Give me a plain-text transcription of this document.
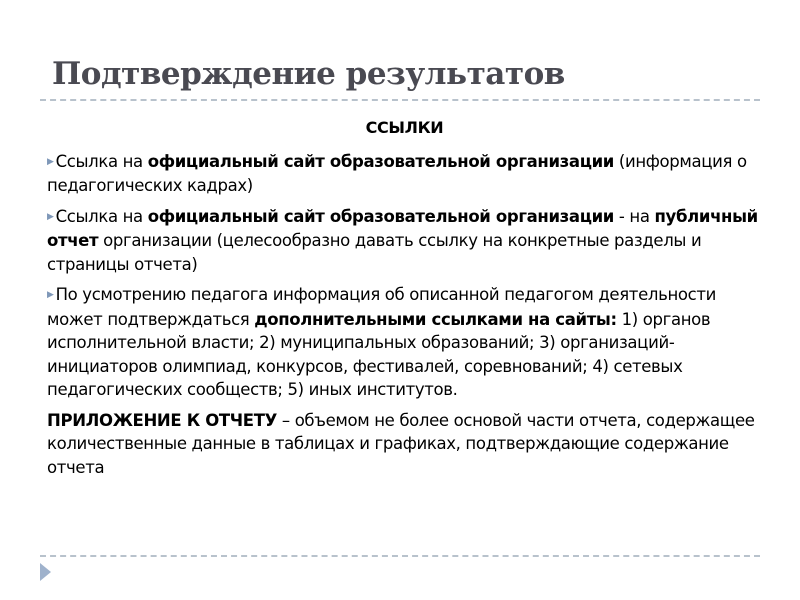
Подтверждение результатов
ССЫЛКИ
▶ Ссылка на официальный сайт образовательной организации (информация о педагогических кадрах)
▶ Ссылка на официальный сайт образовательной организации - на публичный отчет организации (целесообразно давать ссылку на конкретные разделы и страницы отчета)
▶ По усмотрению педагога информация об описанной педагогом деятельности может подтверждаться дополнительными ссылками на сайты: 1) органов исполнительной власти; 2) муниципальных образований; 3) организаций-инициаторов олимпиад, конкурсов, фестивалей, соревнований; 4) сетевых педагогических сообществ; 5) иных институтов.
ПРИЛОЖЕНИЕ К ОТЧЕТУ – объемом не более основой части отчета, содержащее количественные данные в таблицах и графиках, подтверждающие содержание отчета
